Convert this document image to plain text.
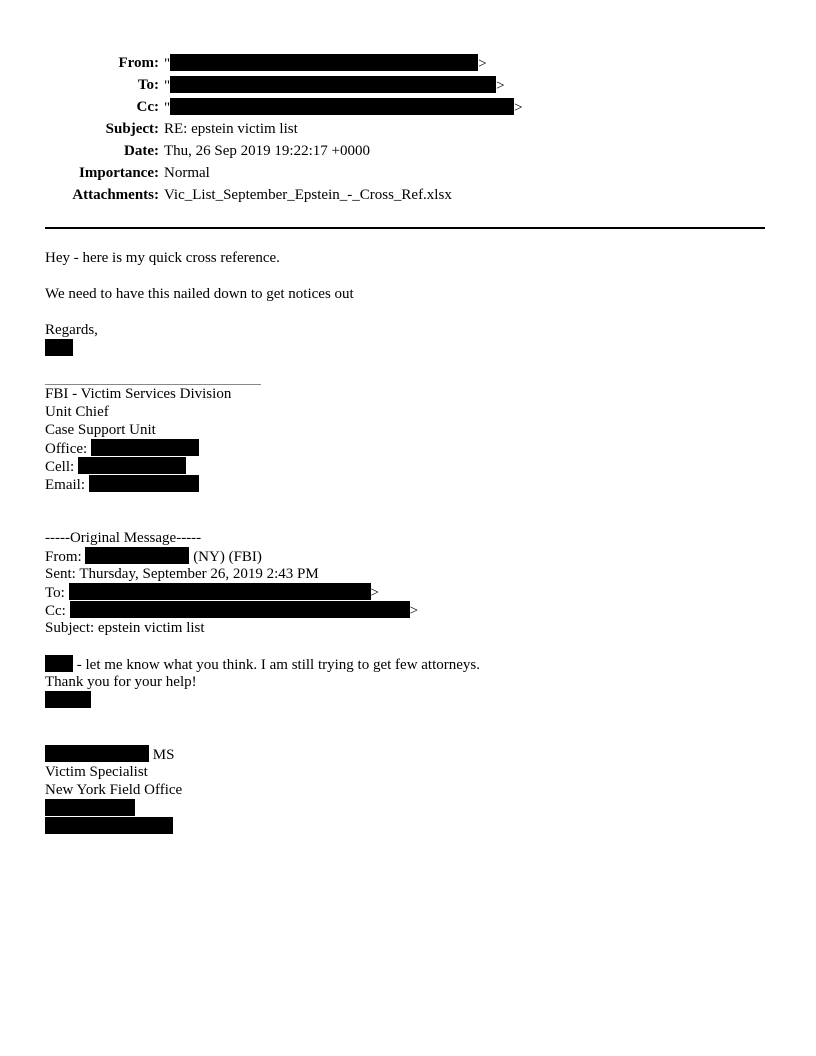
From: "	>
To: "	>
Cc: "	>
Subject: RE: epstein victim list
Date: Thu, 26 Sep 2019 19:22:17 +0000
Importance: Normal
Attachments: Vic_List_September_Epstein_-_Cross_Ref.xlsx

Hey - here is my quick cross reference.

We need to have this nailed down to get notices out

Regards,

FBI - Victim Services Division
Unit Chief
Case Support Unit
Office:
Cell:
Email:
-----Original Message-----
From:	(NY) (FBI)
Sent: Thursday, September 26, 2019 2:43 PM
To:	>
Cc:	>
Subject: epstein victim list
- let me know what you think. I am still trying to get few attorneys.
Thank you for your help!
MS
Victim Specialist
New York Field Office
